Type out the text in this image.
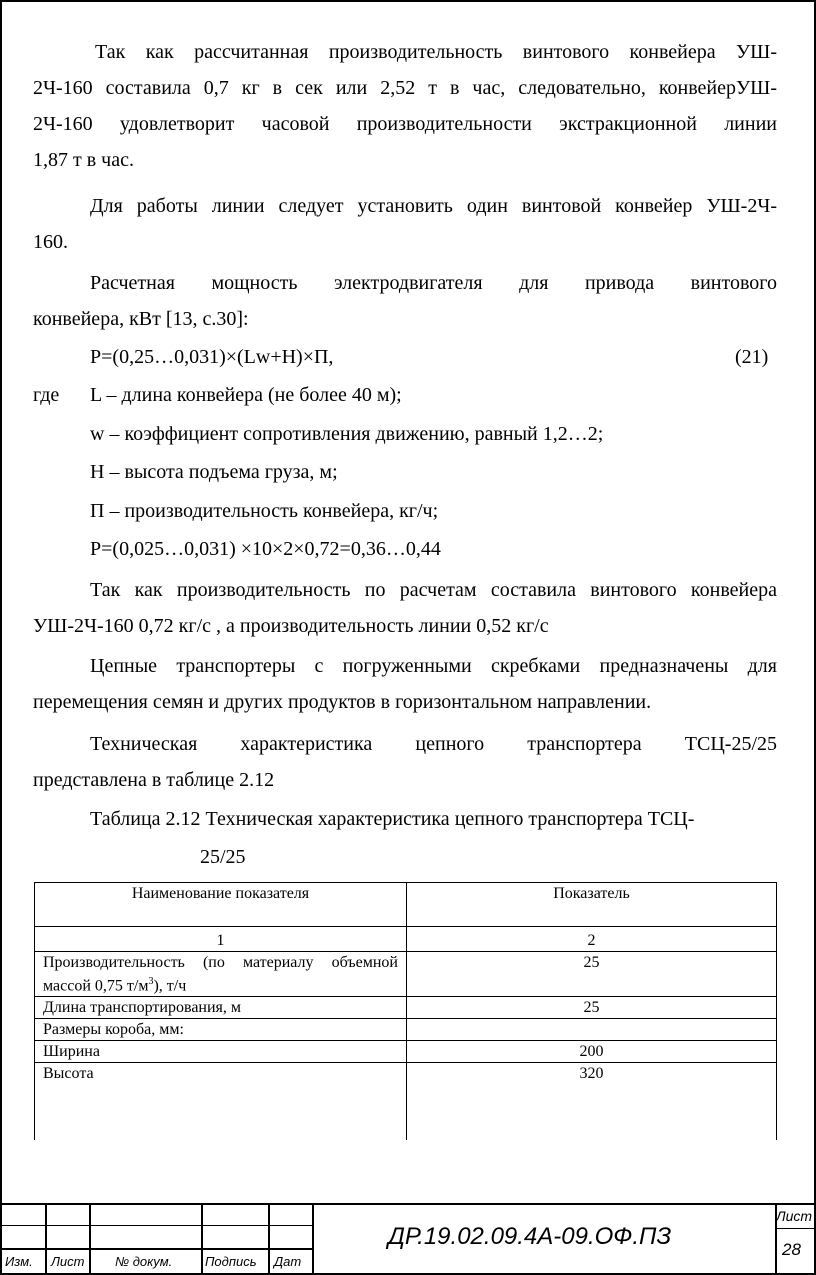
Так как рассчитанная производительность винтового конвейера УШ-
2Ч-160 составила 0,7 кг в сек или 2,52 т в час, следовательно, конвейерУШ-
2Ч-160 удовлетворит часовой производительности экстракционной линии
1,87 т в час.
Для работы линии следует установить один винтовой конвейер УШ-2Ч-
160.
Расчетная мощность электродвигателя для привода винтового
конвейера, кВт [13, с.30]:
P=(0,25…0,031)×(Lw+H)×П,	(21)
где L – длина конвейера (не более 40 м);
w – коэффициент сопротивления движению, равный 1,2…2;
H – высота подъема груза, м;
П – производительность конвейера, кг/ч;
P=(0,025…0,031) ×10×2×0,72=0,36…0,44
Так как производительность по расчетам составила винтового конвейера
УШ-2Ч-160 0,72 кг/с , а производительность линии 0,52 кг/с
Цепные транспортеры с погруженными скребками предназначены для
перемещения семян и других продуктов в горизонтальном направлении.
Техническая характеристика цепного транспортера ТСЦ-25/25
представлена в таблице 2.12
Таблица 2.12 Техническая характеристика цепного транспортера ТСЦ-
25/25
Наименование показателя	Показатель
1	2
Производительность (по материалу объемной массой 0,75 $т/м^3$), т/ч	25
Длина транспортирования, м	25
Размеры короба, мм:	
Ширина	200
Высота	320
Изм. Лист № докум.	Подпись Дат
ДР.19.02.09.4А-09.ОФ.ПЗ
Лист
28
